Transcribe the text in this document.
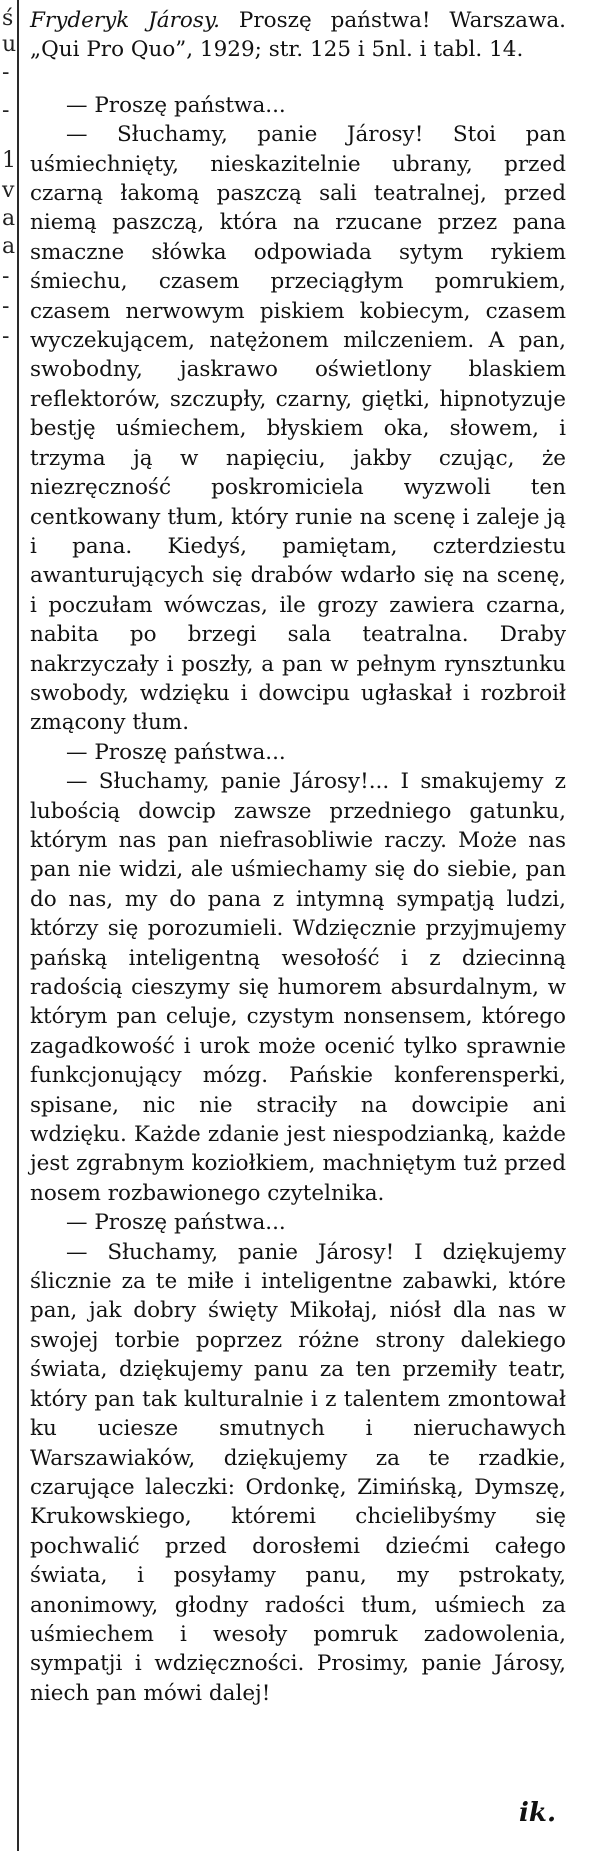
ś
u
-
-
1
v
a
a
-
-
-

Fryderyk Járosy. Proszę państwa! Warszawa. „Qui Pro Quo”, 1929; str. 125 i 5nl. i tabl. 14.

— Proszę państwa...

— Słuchamy, panie Járosy! Stoi pan uśmiechnięty, nieskazitelnie ubrany, przed czarną łakomą paszczą sali teatralnej, przed niemą paszczą, która na rzucane przez pana smaczne słówka odpowiada sytym rykiem śmiechu, czasem przeciągłym pomrukiem, czasem nerwowym piskiem kobiecym, czasem wyczekującem, natężonem milczeniem. A pan, swobodny, jaskrawo oświetlony blaskiem reflektorów, szczupły, czarny, giętki, hipnotyzuje bestję uśmiechem, błyskiem oka, słowem, i trzyma ją w napięciu, jakby czując, że niezręczność poskromiciela wyzwoli ten centkowany tłum, który runie na scenę i zaleje ją i pana. Kiedyś, pamiętam, czterdziestu awanturujących się drabów wdarło się na scenę, i poczułam wówczas, ile grozy zawiera czarna, nabita po brzegi sala teatralna. Draby nakrzyczały i poszły, a pan w pełnym rynsztunku swobody, wdzięku i dowcipu ugłaskał i rozbroił zmącony tłum.

— Proszę państwa...

— Słuchamy, panie Járosy!... I smakujemy z lubością dowcip zawsze przedniego gatunku, którym nas pan niefrasobliwie raczy. Może nas pan nie widzi, ale uśmiechamy się do siebie, pan do nas, my do pana z intymną sympatją ludzi, którzy się porozumieli. Wdzięcznie przyjmujemy pańską inteligentną wesołość i z dziecinną radością cieszymy się humorem absurdalnym, w którym pan celuje, czystym nonsensem, którego zagadkowość i urok może ocenić tylko sprawnie funkcjonujący mózg. Pańskie konferensperki, spisane, nic nie straciły na dowcipie ani wdzięku. Każde zdanie jest niespodzianką, każde jest zgrabnym koziołkiem, machniętym tuż przed nosem rozbawionego czytelnika.

— Proszę państwa...

— Słuchamy, panie Járosy! I dziękujemy ślicznie za te miłe i inteligentne zabawki, które pan, jak dobry święty Mikołaj, niósł dla nas w swojej torbie poprzez różne strony dalekiego świata, dziękujemy panu za ten przemiły teatr, który pan tak kulturalnie i z talentem zmontował ku uciesze smutnych i nieruchawych Warszawiaków, dziękujemy za te rzadkie, czarujące laleczki: Ordonkę, Zimińską, Dymszę, Krukowskiego, któremi chcielibyśmy się pochwalić przed dorosłemi dziećmi całego świata, i posyłamy panu, my pstrokaty, anonimowy, głodny radości tłum, uśmiech za uśmiechem i wesoły pomruk zadowolenia, sympatji i wdzięczności. Prosimy, panie Járosy, niech pan mówi dalej!

ik.
